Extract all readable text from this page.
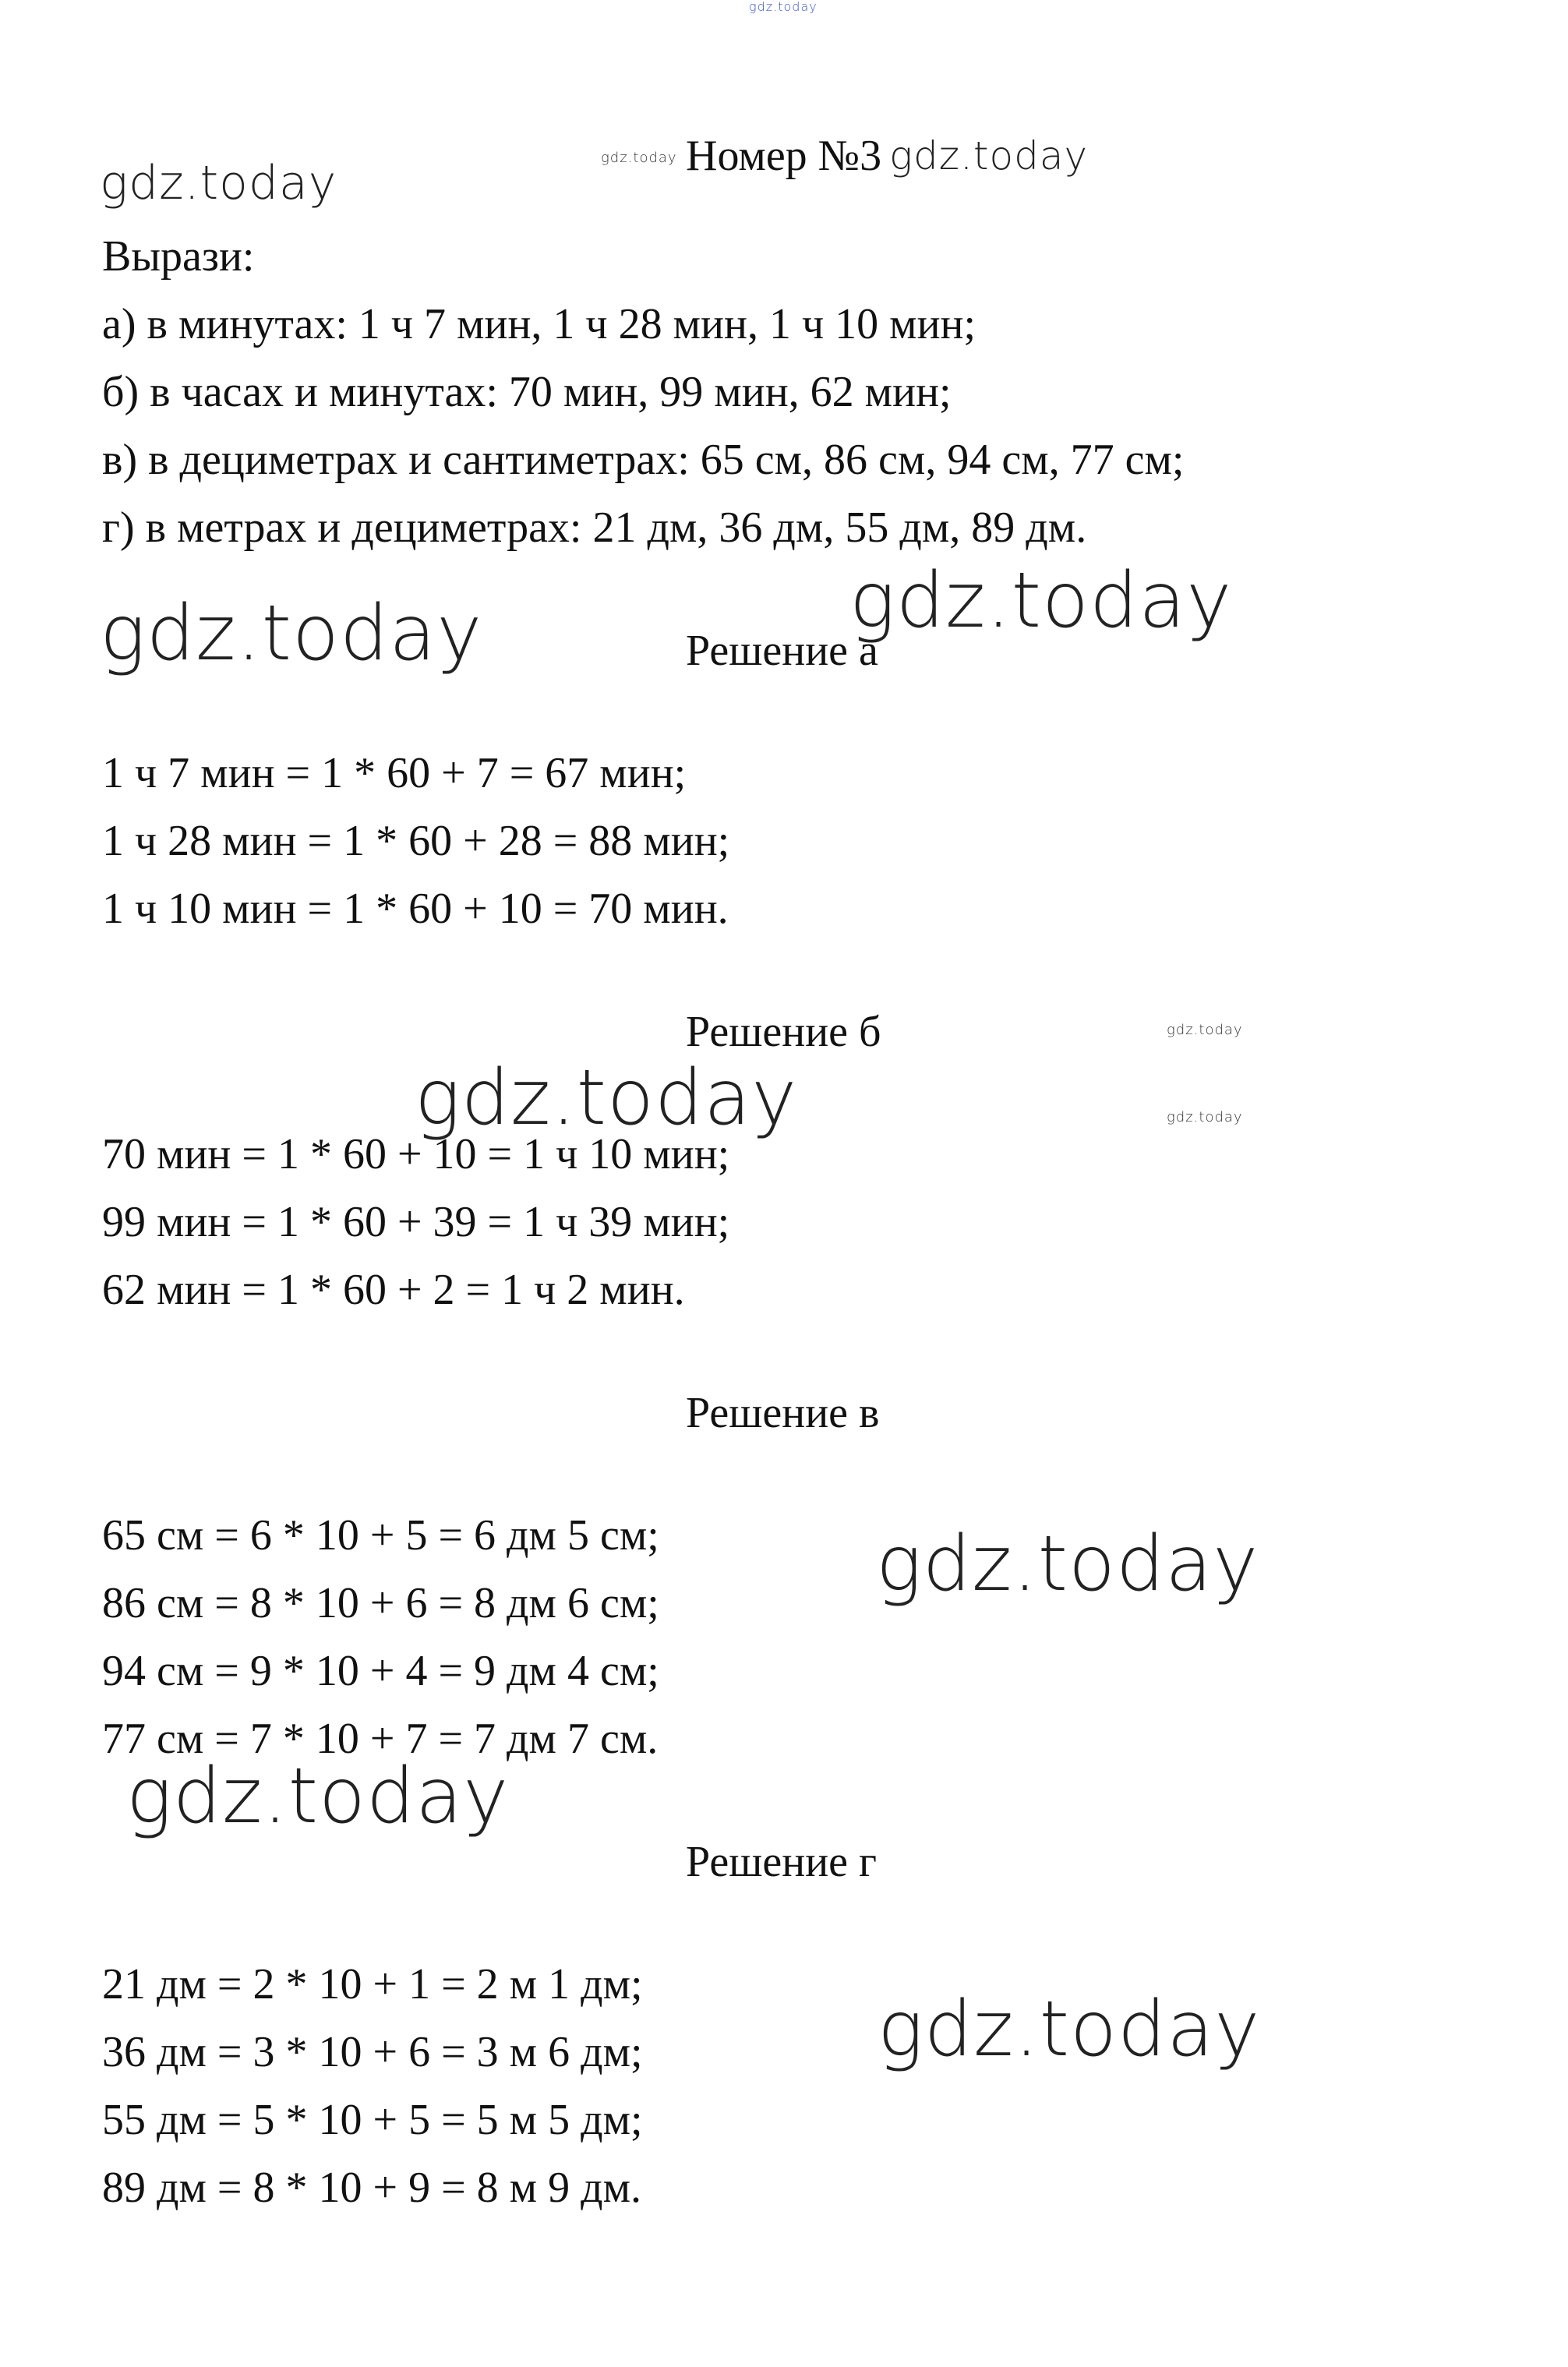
gdz.today
gdz.today	gdz.today	gdz.today
gdz.today	gdz.today
gdz.today
gdz.today
gdz.today
gdz.today
gdz.today
gdz.today
Номер №3
Вырази:
а) в минутах: 1 ч 7 мин, 1 ч 28 мин, 1 ч 10 мин;
б) в часах и минутах: 70 мин, 99 мин, 62 мин;
в) в дециметрах и сантиметрах: 65 см, 86 см, 94 см, 77 см;
г) в метрах и дециметрах: 21 дм, 36 дм, 55 дм, 89 дм.
Решение а
1 ч 7 мин = 1 * 60 + 7 = 67 мин;
1 ч 28 мин = 1 * 60 + 28 = 88 мин;
1 ч 10 мин = 1 * 60 + 10 = 70 мин.
Решение б
70 мин = 1 * 60 + 10 = 1 ч 10 мин;
99 мин = 1 * 60 + 39 = 1 ч 39 мин;
62 мин = 1 * 60 + 2 = 1 ч 2 мин.
Решение в
65 см = 6 * 10 + 5 = 6 дм 5 см;
86 см = 8 * 10 + 6 = 8 дм 6 см;
94 см = 9 * 10 + 4 = 9 дм 4 см;
77 см = 7 * 10 + 7 = 7 дм 7 см.
Решение г
21 дм = 2 * 10 + 1 = 2 м 1 дм;
36 дм = 3 * 10 + 6 = 3 м 6 дм;
55 дм = 5 * 10 + 5 = 5 м 5 дм;
89 дм = 8 * 10 + 9 = 8 м 9 дм.
